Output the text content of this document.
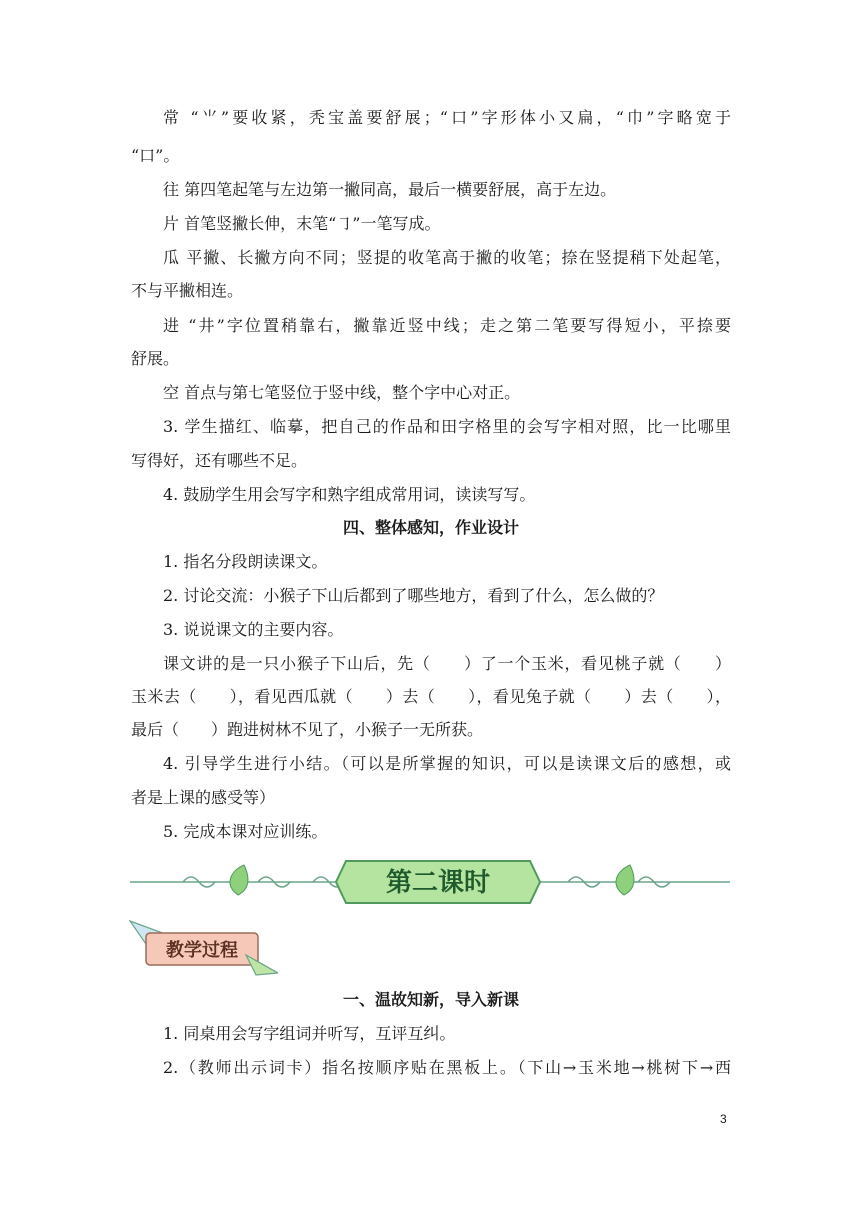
常 “⺌”要收紧，秃宝盖要舒展；“口”字形体小又扁，“巾”字略宽于
“口”。
往 第四笔起笔与左边第一撇同高，最后一横要舒展，高于左边。
片 首笔竖撇长伸，末笔“㇆”一笔写成。
瓜 平撇、长撇方向不同；竖提的收笔高于撇的收笔；捺在竖提稍下处起笔，
不与平撇相连。
进 “井”字位置稍靠右，撇靠近竖中线；走之第二笔要写得短小，平捺要
舒展。
空 首点与第七笔竖位于竖中线，整个字中心对正。
3. 学生描红、临摹，把自己的作品和田字格里的会写字相对照，比一比哪里
写得好，还有哪些不足。
4. 鼓励学生用会写字和熟字组成常用词，读读写写。
四、整体感知，作业设计
1. 指名分段朗读课文。
2. 讨论交流：小猴子下山后都到了哪些地方，看到了什么，怎么做的？
3. 说说课文的主要内容。
课文讲的是一只小猴子下山后，先（　　）了一个玉米，看见桃子就（　　）
玉米去（　　），看见西瓜就（　　）去（　　），看见兔子就（　　）去（　　），
最后（　　）跑进树林不见了，小猴子一无所获。
4. 引导学生进行小结。（可以是所掌握的知识，可以是读课文后的感想，或
者是上课的感受等）
5. 完成本课对应训练。
第二课时
教学过程
一、温故知新，导入新课
1. 同桌用会写字组词并听写，互评互纠。
2.（教师出示词卡）指名按顺序贴在黑板上。（下山→玉米地→桃树下→西
3
